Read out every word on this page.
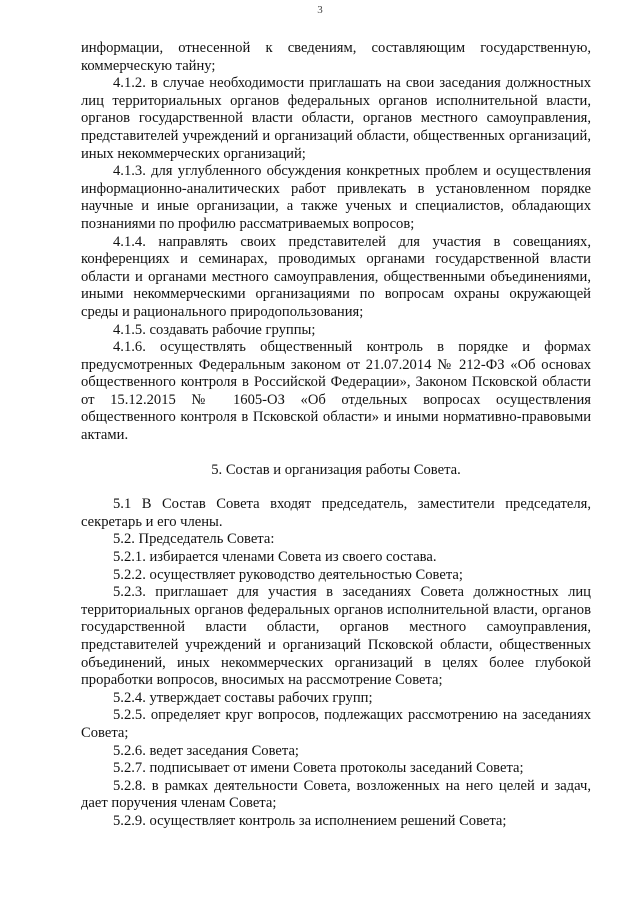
3

информации, отнесенной к сведениям, составляющим государственную, коммерческую тайну;

4.1.2. в случае необходимости приглашать на свои заседания должностных лиц территориальных органов федеральных органов исполнительной власти, органов государственной власти области, органов местного самоуправления, представителей учреждений и организаций области, общественных организаций, иных некоммерческих организаций;

4.1.3. для углубленного обсуждения конкретных проблем и осуществления информационно-аналитических работ привлекать в установленном порядке научные и иные организации, а также ученых и специалистов, обладающих познаниями по профилю рассматриваемых вопросов;

4.1.4. направлять своих представителей для участия в совещаниях, конференциях и семинарах, проводимых органами государственной власти области и органами местного самоуправления, общественными объединениями, иными некоммерческими организациями по вопросам охраны окружающей среды и рационального природопользования;

4.1.5. создавать рабочие группы;

4.1.6. осуществлять общественный контроль в порядке и формах предусмотренных Федеральным законом от 21.07.2014 № 212-ФЗ «Об основах общественного контроля в Российской Федерации», Законом Псковской области от 15.12.2015 № 1605-ОЗ «Об отдельных вопросах осуществления общественного контроля в Псковской области» и иными нормативно-правовыми актами.

5. Состав и организация работы Совета.

5.1 В Состав Совета входят председатель, заместители председателя, секретарь и его члены.

5.2. Председатель Совета:

5.2.1. избирается членами Совета из своего состава.

5.2.2. осуществляет руководство деятельностью Совета;

5.2.3. приглашает для участия в заседаниях Совета должностных лиц территориальных органов федеральных органов исполнительной власти, органов государственной власти области, органов местного самоуправления, представителей учреждений и организаций Псковской области, общественных объединений, иных некоммерческих организаций в целях более глубокой проработки вопросов, вносимых на рассмотрение Совета;

5.2.4. утверждает составы рабочих групп;

5.2.5. определяет круг вопросов, подлежащих рассмотрению на заседаниях Совета;

5.2.6. ведет заседания Совета;

5.2.7. подписывает от имени Совета протоколы заседаний Совета;

5.2.8. в рамках деятельности Совета, возложенных на него целей и задач, дает поручения членам Совета;

5.2.9. осуществляет контроль за исполнением решений Совета;
